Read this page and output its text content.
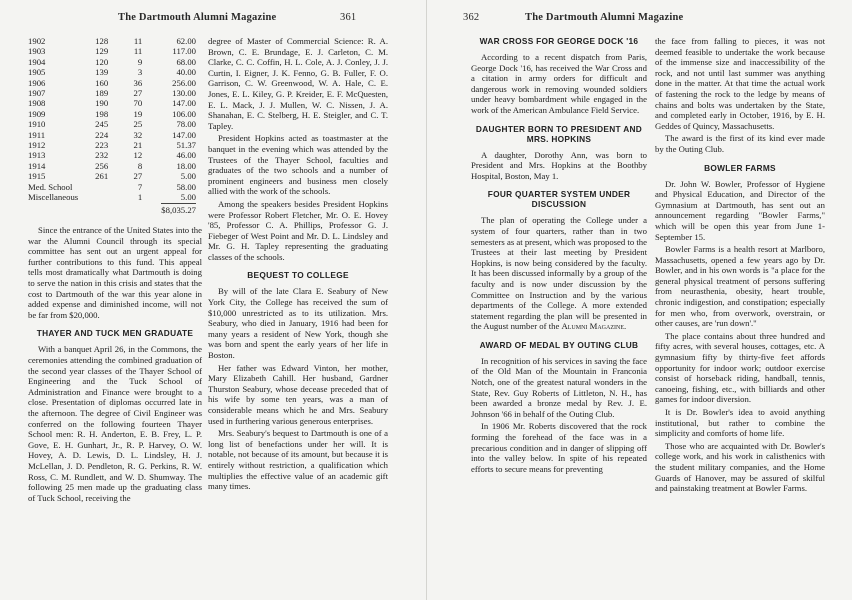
The Dartmouth Alumni Magazine	361
1902	128	11	62.00
1903	129	11	117.00
1904	120	9	68.00
1905	139	3	40.00
1906	160	36	256.00
1907	189	27	130.00
1908	190	70	147.00
1909	198	19	106.00
1910	245	25	78.00
1911	224	32	147.00
1912	223	21	51.37
1913	232	12	46.00
1914	256	8	18.00
1915	261	27	5.00
Med. School		7	58.00
Miscellaneous		1	5.00
$8,035.27

Since the entrance of the United States into the war the Alumni Council through its special committee has sent out an urgent appeal for further contributions to this fund. This appeal tells most dramatically what Dartmouth is doing to serve the nation in this crisis and states that the cost to Dartmouth of the war this year alone in added expense and diminished income, will not be far from $20,000.

THAYER AND TUCK MEN GRADUATE

With a banquet April 26, in the Commons, the ceremonies attending the combined graduation of the second year classes of the Thayer School of Engineering and the Tuck School of Administration and Finance were brought to a close. Presentation of diplomas occurred late in the afternoon. The degree of Civil Engineer was conferred on the following fourteen Thayer School men: R. H. Anderton, E. B. Frey, L. P. Gove, E. H. Gunhart, Jr., R. P. Harvey, O. W. Hovey, A. D. Lewis, D. L. Lindsley, H. J. McLellan, J. D. Pendleton, R. G. Perkins, R. W. Ross, C. M. Rundlett, and W. D. Shumway. The following 25 men made up the graduating class of Tuck School, receiving the

degree of Master of Commercial Science: R. A. Brown, C. E. Brundage, E. J. Carleton, C. M. Clarke, C. C. Coffin, H. L. Cole, A. J. Conley, J. J. Curtin, I. Eigner, J. K. Fenno, G. B. Fuller, F. O. Garrison, C. W. Greenwood, W. A. Hale, C. E. Jones, E. L. Kiley, G. P. Kreider, E. F. McQuesten, E. L. Mack, J. J. Mullen, W. C. Nissen, J. A. Shanahan, E. C. Stelberg, H. E. Steigler, and C. T. Tapley.

President Hopkins acted as toastmaster at the banquet in the evening which was attended by the Trustees of the Thayer School, faculties and graduates of the two schools and a number of prominent engineers and business men closely allied with the work of the schools.

Among the speakers besides President Hopkins were Professor Robert Fletcher, Mr. O. E. Hovey '85, Professor C. A. Phillips, Professor G. J. Fiebeger of West Point and Mr. D. L. Lindsley and Mr. G. H. Tapley representing the graduating classes of the schools.

BEQUEST TO COLLEGE

By will of the late Clara E. Seabury of New York City, the College has received the sum of $10,000 unrestricted as to its utilization. Mrs. Seabury, who died in January, 1916 had been for many years a resident of New York, though she was born and spent the early years of her life in Boston.

Her father was Edward Vinton, her mother, Mary Elizabeth Cahill. Her husband, Gardner Thurston Seabury, whose decease preceded that of his wife by some ten years, was a man of considerable means which he and Mrs. Seabury used in furthering various generous enterprises.

Mrs. Seabury's bequest to Dartmouth is one of a long list of benefactions under her will. It is notable, not because of its amount, but because it is entirely without restriction, a qualification which multiplies the effective value of an academic gift many times.

362	The Dartmouth Alumni Magazine
WAR CROSS FOR GEORGE DOCK '16

According to a recent dispatch from Paris, George Dock '16, has received the War Cross and a citation in army orders for difficult and dangerous work in removing wounded soldiers under heavy bombardment while engaged in the work of the American Ambulance Field Service.

DAUGHTER BORN TO PRESIDENT AND MRS. HOPKINS

A daughter, Dorothy Ann, was born to President and Mrs. Hopkins at the Boothby Hospital, Boston, May 1.

FOUR QUARTER SYSTEM UNDER DISCUSSION

The plan of operating the College under a system of four quarters, rather than in two semesters as at present, which was proposed to the Trustees at their last meeting by President Hopkins, is now being considered by the faculty. It has been discussed informally by a group of the faculty and is now under discussion by the Committee on Instruction and by the various departments of the College. A more extended statement regarding the plan will be presented in the August number of the Alumni Magazine.

AWARD OF MEDAL BY OUTING CLUB

In recognition of his services in saving the face of the Old Man of the Mountain in Franconia Notch, one of the greatest natural wonders in the State, Rev. Guy Roberts of Littleton, N. H., has been awarded a bronze medal by Rev. J. E. Johnson '66 in behalf of the Outing Club.

In 1906 Mr. Roberts discovered that the rock forming the forehead of the face was in a precarious condition and in danger of slipping off into the valley below. In spite of his repeated efforts to secure means for preventing

the face from falling to pieces, it was not deemed feasible to undertake the work because of the immense size and inaccessibility of the rock, and not until last summer was anything done in the matter. At that time the actual work of fastening the rock to the ledge by means of chains and bolts was undertaken by the State, and completed early in October, 1916, by E. H. Geddes of Quincy, Massachusetts.

The award is the first of its kind ever made by the Outing Club.

BOWLER FARMS

Dr. John W. Bowler, Professor of Hygiene and Physical Education, and Director of the Gymnasium at Dartmouth, has sent out an announcement regarding "Bowler Farms," which will be open this year from June 1-September 15.

Bowler Farms is a health resort at Marlboro, Massachusetts, opened a few years ago by Dr. Bowler, and in his own words is "a place for the general physical treatment of persons suffering from neurasthenia, obesity, heart trouble, chronic indigestion, and constipation; especially for men who, from overwork, overstrain, or other causes, are 'run down'."

The place contains about three hundred and fifty acres, with several houses, cottages, etc. A gymnasium fifty by thirty-five feet affords opportunity for indoor work; outdoor exercise consist of horseback riding, handball, tennis, canoeing, fishing, etc., with billiards and other games for indoor diversion.

It is Dr. Bowler's idea to avoid anything institutional, but rather to combine the simplicity and comforts of home life.

Those who are acquainted with Dr. Bowler's college work, and his work in calisthenics with the student military companies, and the Home Guards of Hanover, may be assured of skilful and painstaking treatment at Bowler Farms.
